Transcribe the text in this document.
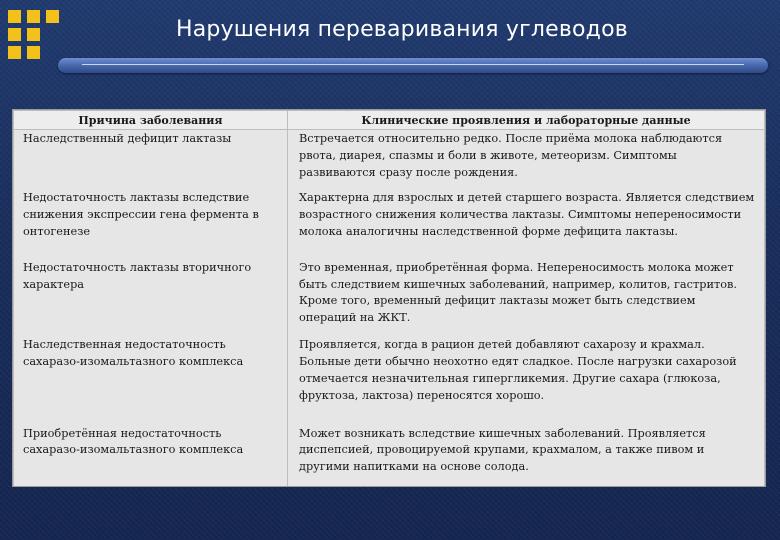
Нарушения переваривания углеводов
Причина заболевания	Клинические проявления и лабораторные данные
Наследственный дефицит лактазы	Встречается относительно редко. После приёма молока наблюдаются рвота, диарея, спазмы и боли в животе, метеоризм. Симптомы развиваются сразу после рождения.
Недостаточность лактазы вследствие снижения экспрессии гена фермента в онтогенезе	Характерна для взрослых и детей старшего возраста. Является следствием возрастного снижения количества лактазы. Симптомы непереносимости молока аналогичны наследственной форме дефицита лактазы.
Недостаточность лактазы вторичного характера	Это временная, приобретённая форма. Непереносимость молока может быть следствием кишечных заболеваний, например, колитов, гастритов. Кроме того, временный дефицит лактазы может быть следствием операций на ЖКТ.
Наследственная недостаточность сахаразо-изомальтазного комплекса	Проявляется, когда в рацион детей добавляют сахарозу и крахмал. Больные дети обычно неохотно едят сладкое. После нагрузки сахарозой отмечается незначительная гипергликемия. Другие сахара (глюкоза, фруктоза, лактоза) переносятся хорошо.
Приобретённая недостаточность сахаразо-изомальтазного комплекса	Может возникать вследствие кишечных заболеваний. Проявляется диспепсией, провоцируемой крупами, крахмалом, а также пивом и другими напитками на основе солода.
